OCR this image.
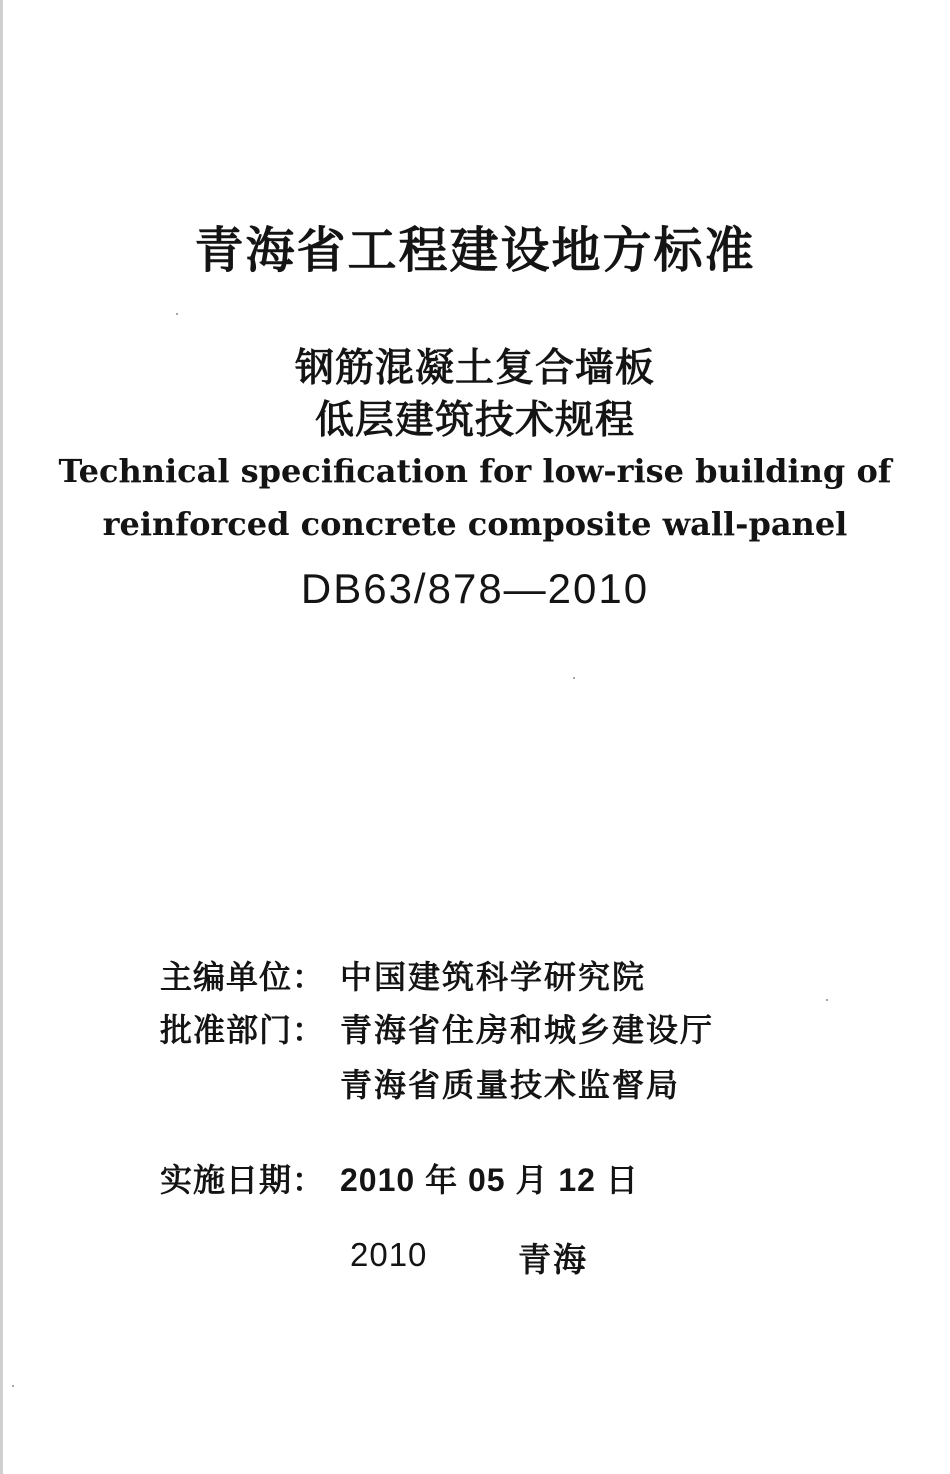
青海省工程建设地方标准
钢筋混凝土复合墙板
低层建筑技术规程
Technical specification for low-rise building of
reinforced concrete composite wall-panel
DB63/878—2010
主编单位： 中国建筑科学研究院
批准部门： 青海省住房和城乡建设厅
青海省质量技术监督局
实施日期： 2010 年 05 月 12 日
2010	青海
